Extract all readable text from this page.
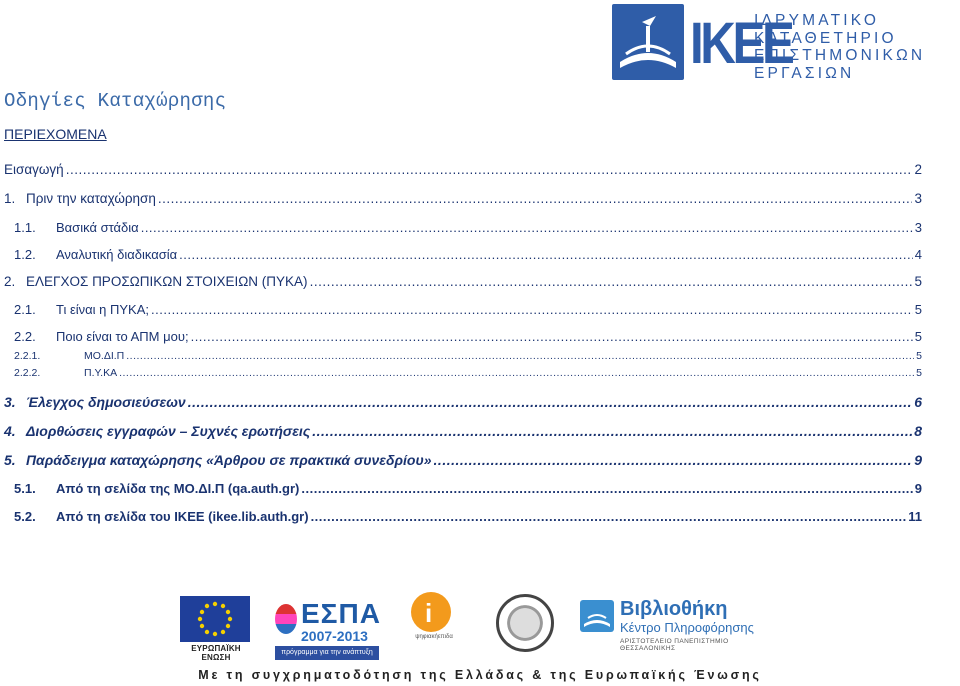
IKEE
ΙΔΡΥΜΑΤΙΚΟ
ΚΑΤΑΘΕΤΗΡΙΟ
ΕΠΙΣΤΗΜΟΝΙΚΩΝ
ΕΡΓΑΣΙΩΝ
Οδηγίες Καταχώρησης
ΠΕΡΙΕΧΟΜΕΝΑ
Εισαγωγή .....	2
1. Πριν την καταχώρηση .....	3
1.1.	Βασικά στάδια .....	3
1.2.	Αναλυτική διαδικασία .....	4
2. ΕΛΕΓΧΟΣ ΠΡΟΣΩΠΙΚΩΝ ΣΤΟΙΧΕΙΩΝ (ΠΥΚΑ) .....	5
2.1.	Τι είναι η ΠΥΚΑ; .....	5
2.2.	Ποιο είναι το ΑΠΜ μου; .....	5
2.2.1.	ΜΟ.ΔΙ.Π .....	5
2.2.2.	Π.Υ.ΚΑ .....	5
3. Έλεγχος δημοσιεύσεων .....	6
4. Διορθώσεις εγγραφών – Συχνές ερωτήσεις .....	8
5. Παράδειγμα καταχώρησης «Άρθρου σε πρακτικά συνεδρίου» .....	9
5.1.	Από τη σελίδα της ΜΟ.ΔΙ.Π (qa.auth.gr) .....	9
5.2.	Από τη σελίδα του ΙΚΕΕ (ikee.lib.auth.gr) .....	11
ΕΥΡΩΠΑΪΚΗ ΕΝΩΣΗ
ΕΣΠΑ
2007-2013
πρόγραμμα για την ανάπτυξη
i
ψηφιακήεπιδα
Βιβλιοθήκη
Κέντρο Πληροφόρησης
ΑΡΙΣΤΟΤΕΛΕΙΟ ΠΑΝΕΠΙΣΤΗΜΙΟ ΘΕΣΣΑΛΟΝΙΚΗΣ
Με τη συγχρηματοδότηση της Ελλάδας & της Ευρωπαϊκής Ένωσης
